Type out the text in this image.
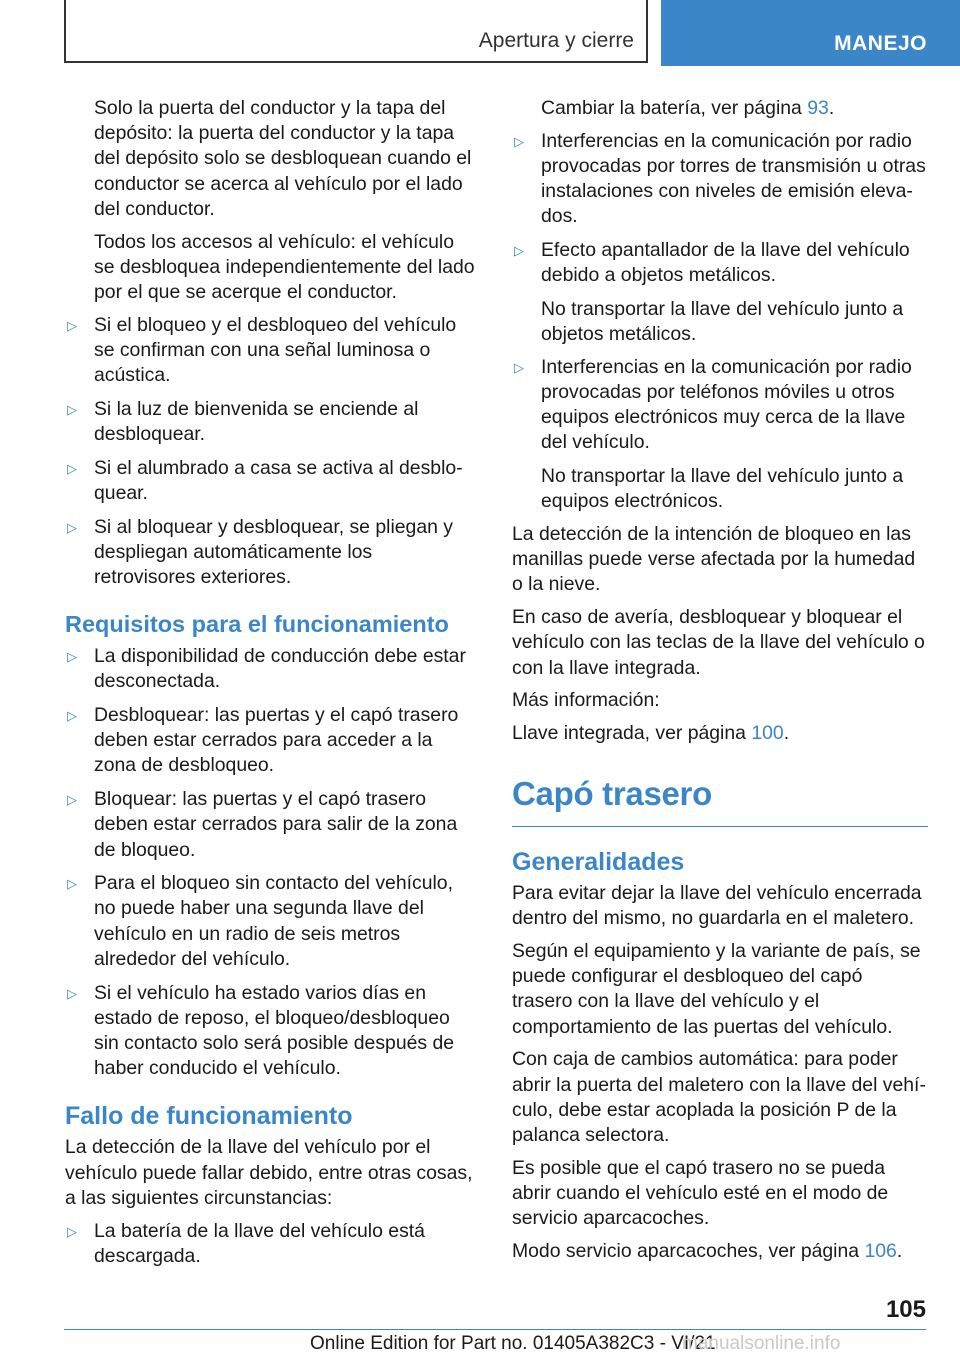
Apertura y cierre	MANEJO

Solo la puerta del conductor y la tapa del depósito: la puerta del conductor y la tapa del depósito solo se desbloquean cuando el conductor se acerca al vehículo por el lado del conductor.

Todos los accesos al vehículo: el vehículo se desbloquea independientemente del lado por el que se acerque el conductor.

▷ Si el bloqueo y el desbloqueo del vehículo se confirman con una señal luminosa o acústica.
▷ Si la luz de bienvenida se enciende al desbloquear.
▷ Si el alumbrado a casa se activa al desbloquear.
▷ Si al bloquear y desbloquear, se pliegan y despliegan automáticamente los retrovisores exteriores.
Requisitos para el funcionamiento
▷ La disponibilidad de conducción debe estar desconectada.
▷ Desbloquear: las puertas y el capó trasero deben estar cerrados para acceder a la zona de desbloqueo.
▷ Bloquear: las puertas y el capó trasero deben estar cerrados para salir de la zona de bloqueo.
▷ Para el bloqueo sin contacto del vehículo, no puede haber una segunda llave del vehículo en un radio de seis metros alrededor del vehículo.
▷ Si el vehículo ha estado varios días en estado de reposo, el bloqueo/desbloqueo sin contacto solo será posible después de haber conducido el vehículo.
Fallo de funcionamiento

La detección de la llave del vehículo por el vehículo puede fallar debido, entre otras cosas, a las siguientes circunstancias:

▷ La batería de la llave del vehículo está descargada.

Cambiar la batería, ver página 93.

▷ Interferencias en la comunicación por radio provocadas por torres de transmisión u otras instalaciones con niveles de emisión elevados.
▷ Efecto apantallador de la llave del vehículo debido a objetos metálicos.

No transportar la llave del vehículo junto a objetos metálicos.

▷ Interferencias en la comunicación por radio provocadas por teléfonos móviles u otros equipos electrónicos muy cerca de la llave del vehículo.

No transportar la llave del vehículo junto a equipos electrónicos.

La detección de la intención de bloqueo en las manillas puede verse afectada por la humedad o la nieve.

En caso de avería, desbloquear y bloquear el vehículo con las teclas de la llave del vehículo o con la llave integrada.

Más información:

Llave integrada, ver página 100.

Capó trasero
Generalidades

Para evitar dejar la llave del vehículo encerrada dentro del mismo, no guardarla en el maletero.

Según el equipamiento y la variante de país, se puede configurar el desbloqueo del capó trasero con la llave del vehículo y el comportamiento de las puertas del vehículo.

Con caja de cambios automática: para poder abrir la puerta del maletero con la llave del vehículo, debe estar acoplada la posición P de la palanca selectora.

Es posible que el capó trasero no se pueda abrir cuando el vehículo esté en el modo de servicio aparcacoches.

Modo servicio aparcacoches, ver página 106.

105
Online Edition for Part no. 01405A382C3 - VI/21
manualsonline.info
